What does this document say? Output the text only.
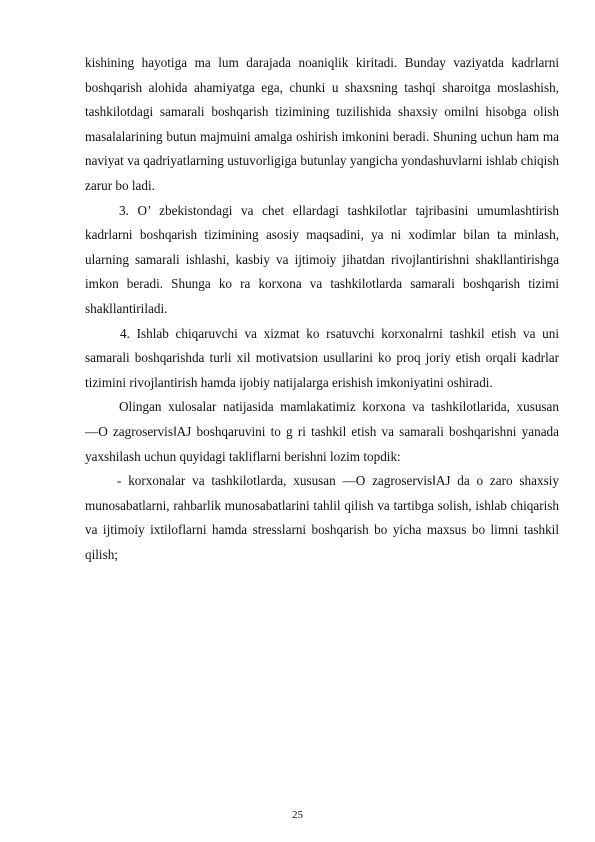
kishining hayotiga ma lum darajada noaniqlik kiritadi. Bunday vaziyatda kadrlarni boshqarish alohida ahamiyatga ega, chunki u shaxsning tashqi sharoitga moslashish, tashkilotdagi samarali boshqarish tizimining tuzilishida shaxsiy omilni hisobga olish masalalarining butun majmuini amalga oshirish imkonini beradi. Shuning uchun ham ma naviyat va qadriyatlarning ustuvorligiga butunlay yangicha yondashuvlarni ishlab chiqish zarur bo ladi.

3. O’ zbekistondagi va chet ellardagi tashkilotlar tajribasini umumlashtirish kadrlarni boshqarish tizimining asosiy maqsadini, ya ni xodimlar bilan ta minlash, ularning samarali ishlashi, kasbiy va ijtimoiy jihatdan rivojlantirishni shakllantirishga imkon beradi. Shunga ko ra korxona va tashkilotlarda samarali boshqarish tizimi shakllantiriladi.

4. Ishlab chiqaruvchi va xizmat ko rsatuvchi korxonalrni tashkil etish va uni samarali boshqarishda turli xil motivatsion usullarini ko proq joriy etish orqali kadrlar tizimini rivojlantirish hamda ijobiy natijalarga erishish imkoniyatini oshiradi.

Olingan xulosalar natijasida mamlakatimiz korxona va tashkilotlarida, xususan ―O zagroservis‖AJ boshqaruvini to g ri tashkil etish va samarali boshqarishni yanada yaxshilash uchun quyidagi takliflarni berishni lozim topdik:

- korxonalar va tashkilotlarda, xususan ―O zagroservis‖AJ da o zaro shaxsiy munosabatlarni, rahbarlik munosabatlarini tahlil qilish va tartibga solish, ishlab chiqarish va ijtimoiy ixtiloflarni hamda stresslarni boshqarish bo yicha maxsus bo limni tashkil qilish;

25
